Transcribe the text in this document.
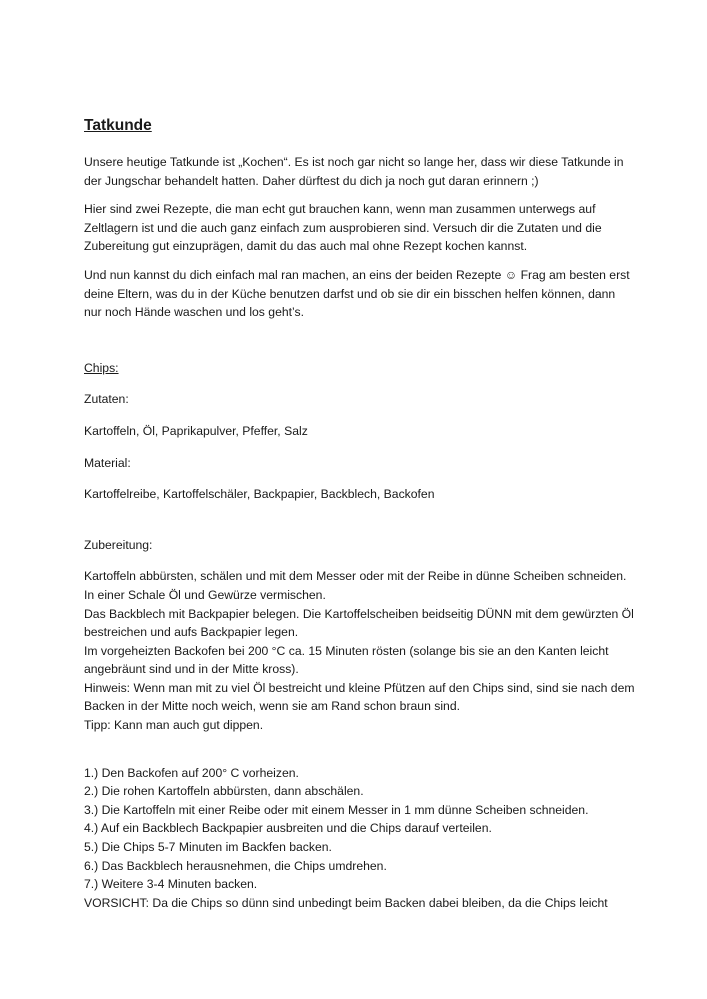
Tatkunde
Unsere heutige Tatkunde ist „Kochen“. Es ist noch gar nicht so lange her, dass wir diese Tatkunde in
der Jungschar behandelt hatten. Daher dürftest du dich ja noch gut daran erinnern ;)
Hier sind zwei Rezepte, die man echt gut brauchen kann, wenn man zusammen unterwegs auf
Zeltlagern ist und die auch ganz einfach zum ausprobieren sind. Versuch dir die Zutaten und die
Zubereitung gut einzuprägen, damit du das auch mal ohne Rezept kochen kannst.
Und nun kannst du dich einfach mal ran machen, an eins der beiden Rezepte ☺ Frag am besten erst
deine Eltern, was du in der Küche benutzen darfst und ob sie dir ein bisschen helfen können, dann
nur noch Hände waschen und los geht’s.
Chips:
Zutaten:
Kartoffeln, Öl, Paprikapulver, Pfeffer, Salz
Material:
Kartoffelreibe, Kartoffelschäler, Backpapier, Backblech, Backofen
Zubereitung:
Kartoffeln abbürsten, schälen und mit dem Messer oder mit der Reibe in dünne Scheiben schneiden.
In einer Schale Öl und Gewürze vermischen.
Das Backblech mit Backpapier belegen. Die Kartoffelscheiben beidseitig DÜNN mit dem gewürzten Öl
bestreichen und aufs Backpapier legen.
Im vorgeheizten Backofen bei 200 °C ca. 15 Minuten rösten (solange bis sie an den Kanten leicht
angebräunt sind und in der Mitte kross).
Hinweis: Wenn man mit zu viel Öl bestreicht und kleine Pfützen auf den Chips sind, sind sie nach dem
Backen in der Mitte noch weich, wenn sie am Rand schon braun sind.
Tipp: Kann man auch gut dippen.
1.) Den Backofen auf 200° C vorheizen.
2.) Die rohen Kartoffeln abbürsten, dann abschälen.
3.) Die Kartoffeln mit einer Reibe oder mit einem Messer in 1 mm dünne Scheiben schneiden.
4.) Auf ein Backblech Backpapier ausbreiten und die Chips darauf verteilen.
5.) Die Chips 5-7 Minuten im Backfen backen.
6.) Das Backblech herausnehmen, die Chips umdrehen.
7.) Weitere 3-4 Minuten backen.
VORSICHT: Da die Chips so dünn sind unbedingt beim Backen dabei bleiben, da die Chips leicht
